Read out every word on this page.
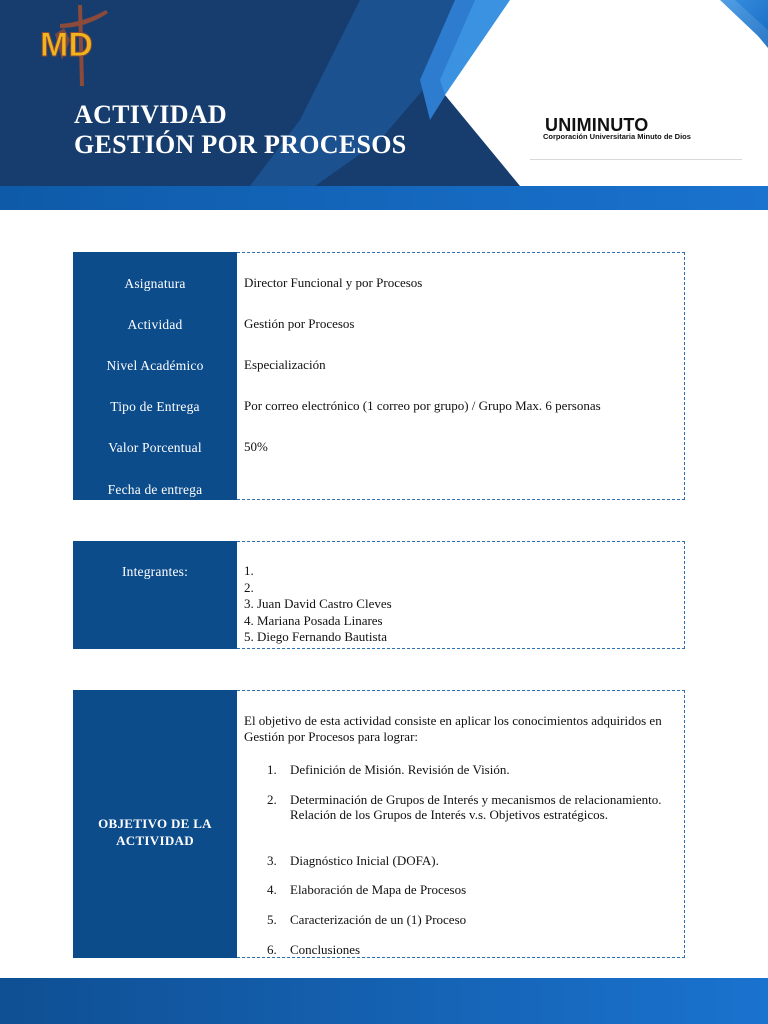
ACTIVIDAD
GESTIÓN POR PROCESOS
MD
UNIMINUTO
Corporación Universitaria Minuto de Dios
Asignatura	Director Funcional y por Procesos
Actividad	Gestión por Procesos
Nivel Académico	Especialización
Tipo de Entrega	Por correo electrónico (1 correo por grupo) / Grupo Max. 6 personas
Valor Porcentual	50%
Fecha de entrega
Integrantes:	1.
2.
3. Juan David Castro Cleves
4. Mariana Posada Linares
5. Diego Fernando Bautista
OBJETIVO DE LA
ACTIVIDAD
El objetivo de esta actividad consiste en aplicar los conocimientos adquiridos en Gestión por Procesos para lograr:
1.	Definición de Misión. Revisión de Visión.
2.	Determinación de Grupos de Interés y mecanismos de relacionamiento. Relación de los Grupos de Interés v.s. Objetivos estratégicos.
3.	Diagnóstico Inicial (DOFA).
4.	Elaboración de Mapa de Procesos
5.	Caracterización de un (1) Proceso
6.	Conclusiones
